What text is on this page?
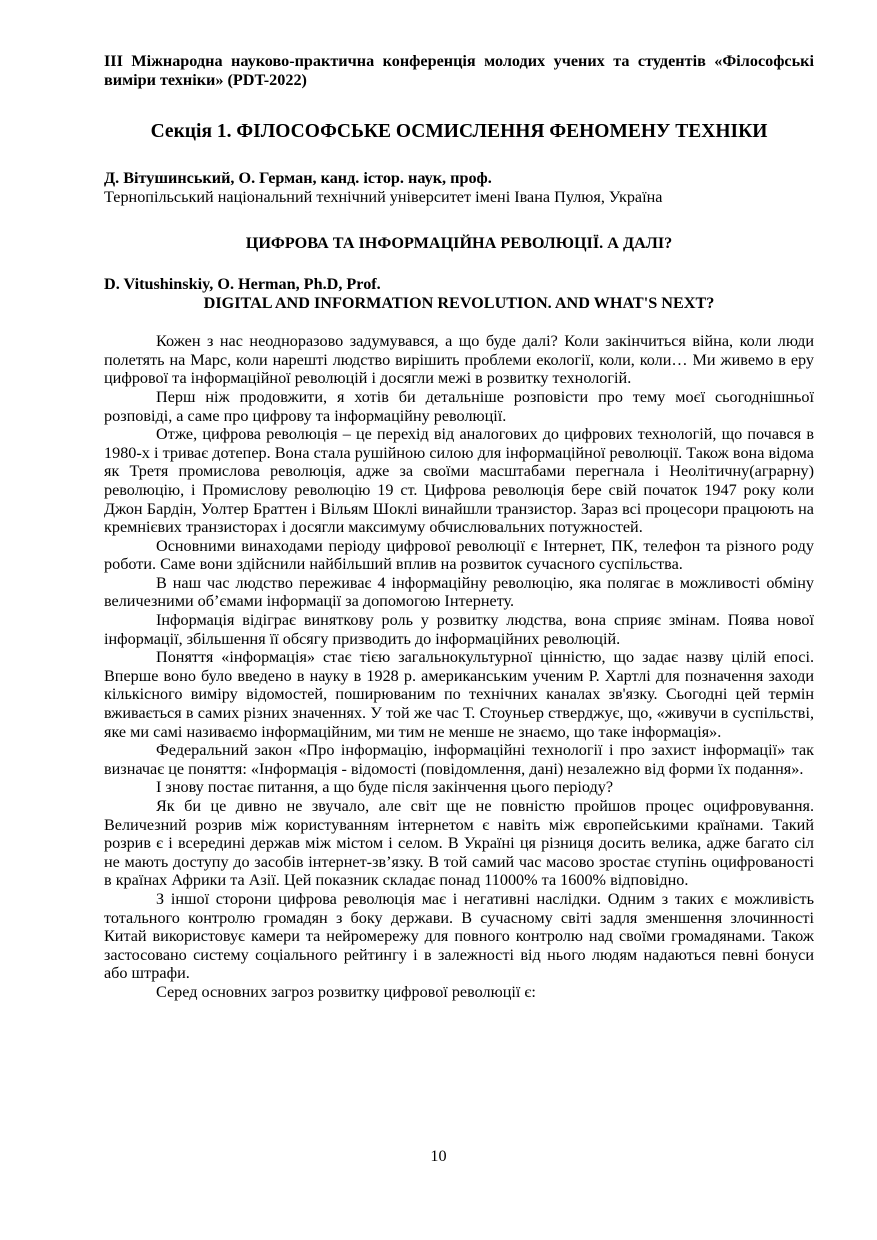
III Міжнародна науково-практична конференція молодих учених та студентів «Філософські виміри техніки» (PDT-2022)

Секція 1. ФІЛОСОФСЬКЕ ОСМИСЛЕННЯ ФЕНОМЕНУ ТЕХНІКИ

Д. Вітушинський, О. Герман, канд. істор. наук, проф.

Тернопільський національний технічний університет імені Івана Пулюя, Україна

ЦИФРОВА ТА ІНФОРМАЦІЙНА РЕВОЛЮЦІЇ. А ДАЛІ?

D. Vitushinskiy, O. Herman, Ph.D, Prof.

DIGITAL AND INFORMATION REVOLUTION. AND WHAT'S NEXT?

Кожен з нас неодноразово задумувався, а що буде далі? Коли закінчиться війна, коли люди полетять на Марс, коли нарешті людство вирішить проблеми екології, коли, коли… Ми живемо в еру цифрової та інформаційної революцій і досягли межі в розвитку технологій.

Перш ніж продовжити, я хотів би детальніше розповісти про тему моєї сьогоднішньої розповіді, а саме про цифрову та інформаційну революції.

Отже, цифрова революція – це перехід від аналогових до цифрових технологій, що почався в 1980-х і триває дотепер. Вона стала рушійною силою для інформаційної революції. Також вона відома як Третя промислова революція, адже за своїми масштабами перегнала і Неолітичну(аграрну) революцію, і Промислову революцію 19 ст. Цифрова революція бере свій початок 1947 року коли Джон Бардін, Уолтер Браттен і Вільям Шоклі винайшли транзистор. Зараз всі процесори працюють на кремнієвих транзисторах і досягли максимуму обчислювальних потужностей.

Основними винаходами періоду цифрової революції є Інтернет, ПК, телефон та різного роду роботи. Саме вони здійснили найбільший вплив на розвиток сучасного суспільства.

В наш час людство переживає 4 інформаційну революцію, яка полягає в можливості обміну величезними об’ємами інформації за допомогою Інтернету.

Інформація відіграє виняткову роль у розвитку людства, вона сприяє змінам. Поява нової інформації, збільшення її обсягу призводить до інформаційних революцій.

Поняття «інформація» стає тією загальнокультурної цінністю, що задає назву цілій епосі. Вперше воно було введено в науку в 1928 р. американським ученим Р. Хартлі для позначення заходи кількісного виміру відомостей, поширюваним по технічних каналах зв'язку. Сьогодні цей термін вживається в самих різних значеннях. У той же час Т. Стоуньер стверджує, що, «живучи в суспільстві, яке ми самі називаємо інформаційним, ми тим не менше не знаємо, що таке інформація».

Федеральний закон «Про інформацію, інформаційні технології і про захист інформації» так визначає це поняття: «Інформація - відомості (повідомлення, дані) незалежно від форми їх подання».

І знову постає питання, а що буде після закінчення цього періоду?

Як би це дивно не звучало, але світ ще не повністю пройшов процес оцифровування. Величезний розрив між користуванням інтернетом є навіть між європейськими країнами. Такий розрив є і всередині держав між містом і селом. В Україні ця різниця досить велика, адже багато сіл не мають доступу до засобів інтернет-зв’язку. В той самий час масово зростає ступінь оцифрованості в країнах Африки та Азії. Цей показник складає понад 11000% та 1600% відповідно.

З іншої сторони цифрова революція має і негативні наслідки. Одним з таких є можливість тотального контролю громадян з боку держави. В сучасному світі задля зменшення злочинності Китай використовує камери та нейромережу для повного контролю над своїми громадянами. Також застосовано систему соціального рейтингу і в залежності від нього людям надаються певні бонуси або штрафи.

Серед основних загроз розвитку цифрової революції є:

10
